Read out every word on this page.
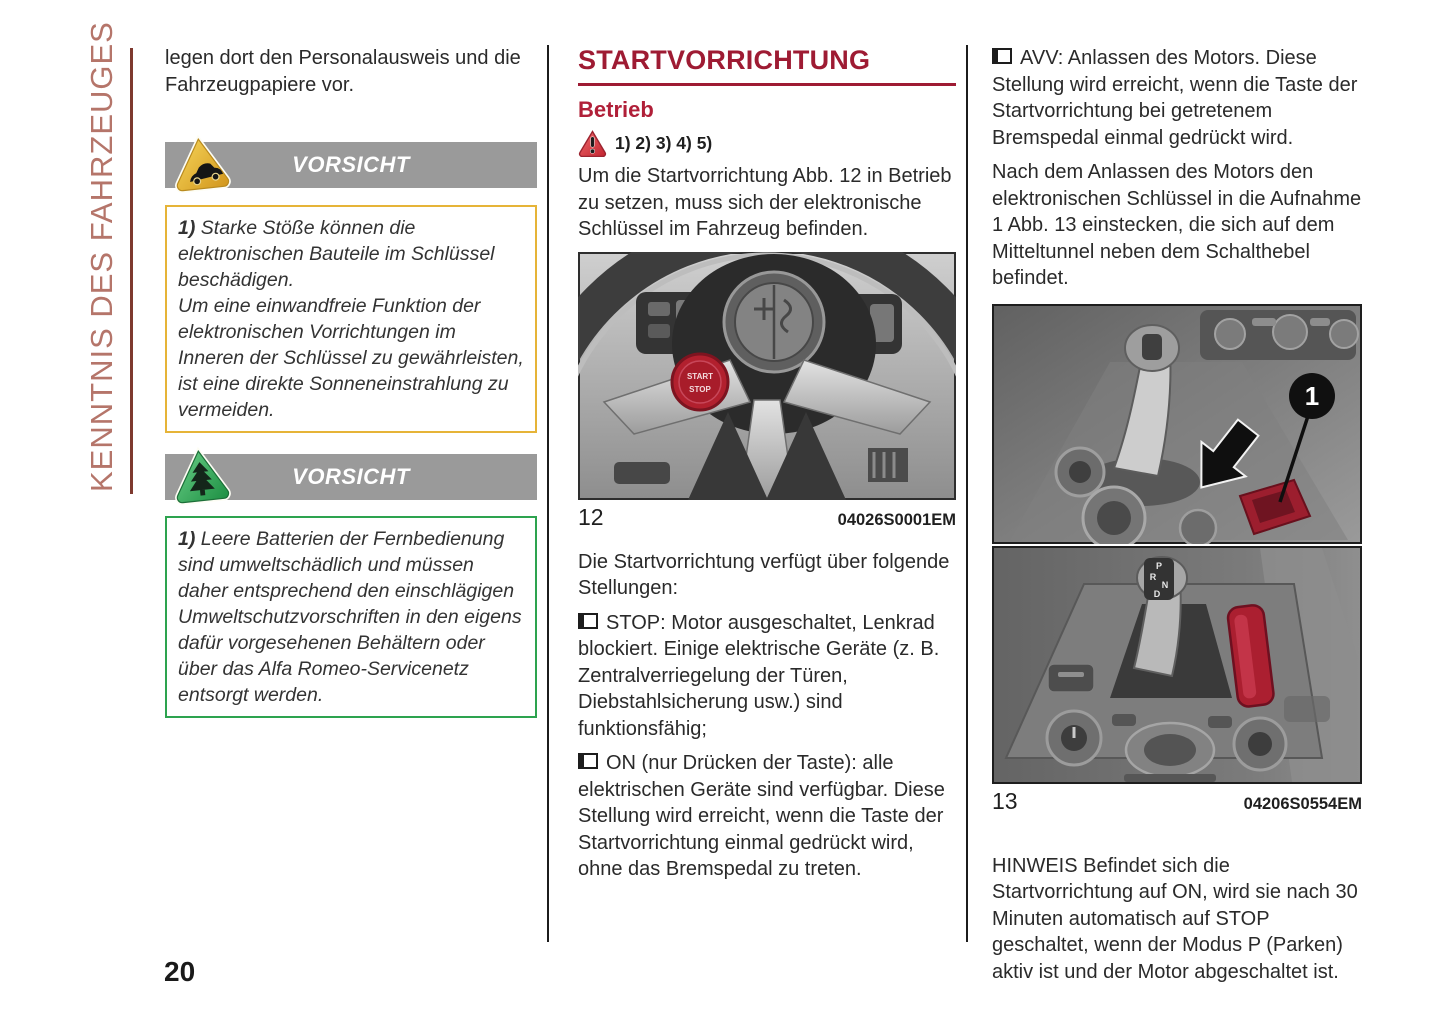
KENNTNIS DES FAHRZEUGES legen dort den Personalausweis und die Fahrzeugpapiere vor.

VORSICHT

1) Starke Stöße können die elektronischen Bauteile im Schlüssel beschädigen.

Um eine einwandfreie Funktion der elektronischen Vorrichtungen im Inneren der Schlüssel zu gewährleisten, ist eine direkte Sonneneinstrahlung zu vermeiden.

VORSICHT

1) Leere Batterien der Fernbedienung sind umweltschädlich und müssen daher entsprechend den einschlägigen Umweltschutzvorschriften in den eigens dafür vorgesehenen Behältern oder über das Alfa Romeo-Servicenetz entsorgt werden.

STARTVORRICHTUNG
Betrieb
1) 2) 3) 4) 5)

Um die Startvorrichtung Abb. 12 in Betrieb zu setzen, muss sich der elektronische Schlüssel im Fahrzeug befinden.

START
STOP
12	04026S0001EM

Die Startvorrichtung verfügt über folgende Stellungen:

STOP: Motor ausgeschaltet, Lenkrad blockiert. Einige elektrische Geräte (z. B. Zentralverriegelung der Türen, Diebstahlsicherung usw.) sind funktionsfähig;

ON (nur Drücken der Taste): alle elektrischen Geräte sind verfügbar. Diese Stellung wird erreicht, wenn die Taste der Startvorrichtung einmal gedrückt wird, ohne das Bremspedal zu treten.

AVV: Anlassen des Motors. Diese Stellung wird erreicht, wenn die Taste der Startvorrichtung bei getretenem Bremspedal einmal gedrückt wird.

Nach dem Anlassen des Motors den elektronischen Schlüssel in die Aufnahme 1 Abb. 13 einstecken, die sich auf dem Mitteltunnel neben dem Schalthebel befindet.

1
P
R
N
D
13	04206S0554EM

HINWEIS Befindet sich die Startvorrichtung auf ON, wird sie nach 30 Minuten automatisch auf STOP geschaltet, wenn der Modus P (Parken) aktiv ist und der Motor abgeschaltet ist.

20
